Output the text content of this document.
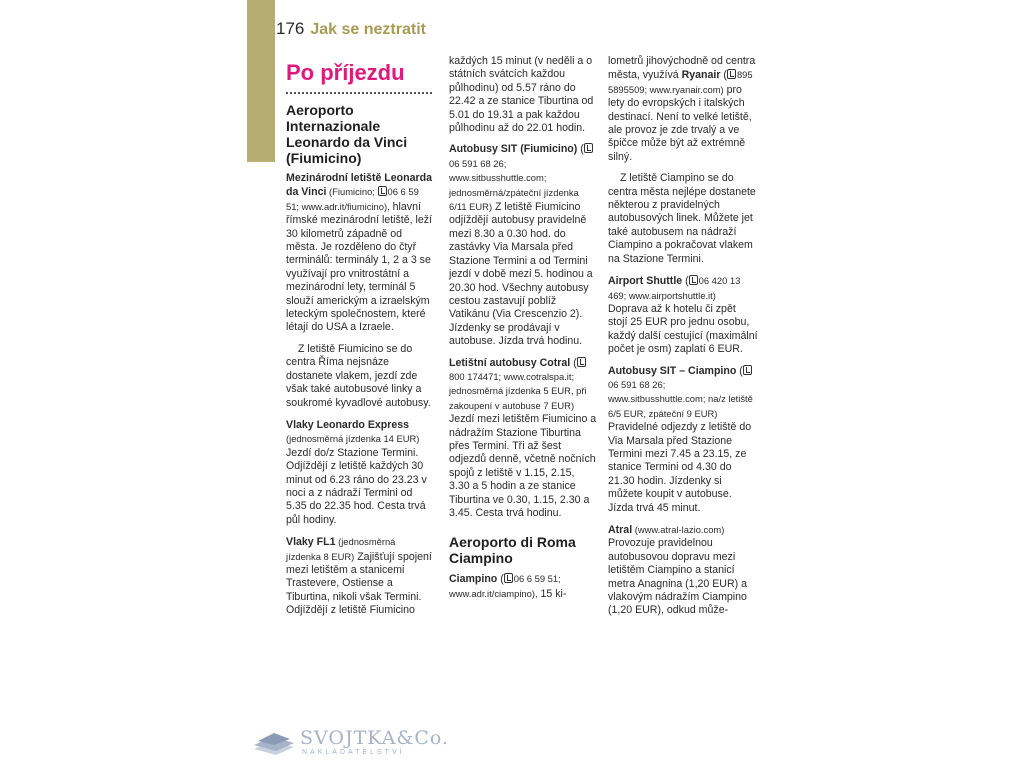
176 Jak se neztratit
Po příjezdu
Aeroporto Internazionale Leonardo da Vinci (Fiumicino)

Mezinárodní letiště Leonarda da Vinci (Fiumicino; 06 6 59 51; www.adr.it/fiumicino), hlavní římské mezinárodní letiště, leží 30 kilometrů západně od města. Je rozděleno do čtyř terminálů: terminály 1, 2 a 3 se využívají pro vnitrostátní a mezinárodní lety, terminál 5 slouží americkým a izraelským leteckým společnostem, které létají do USA a Izraele.

Z letiště Fiumicino se do centra Říma nejsnáze dostanete vlakem, jezdí zde však také autobusové linky a soukromé kyvadlové autobusy.

Vlaky Leonardo Express (jednosměrná jízdenka 14 EUR) Jezdí do/z Stazione Termini. Odjíždějí z letiště každých 30 minut od 6.23 ráno do 23.23 v noci a z nádraží Termini od 5.35 do 22.35 hod. Cesta trvá půl hodiny.

Vlaky FL1 (jednosměrná jízdenka 8 EUR) Zajišťují spojení mezi letištěm a stanicemi Trastevere, Ostiense a Tiburtina, nikoli však Termini. Odjíždějí z letiště Fiumicino

každých 15 minut (v neděli a o státních svátcích každou půlhodinu) od 5.57 ráno do 22.42 a ze stanice Tiburtina od 5.01 do 19.31 a pak každou půlhodinu až do 22.01 hodin.

Autobusy SIT (Fiumicino) (06 591 68 26; www.sitbusshuttle.com; jednosměrná/zpáteční jízdenka 6/11 EUR) Z letiště Fiumicino odjíždějí autobusy pravidelně mezi 8.30 a 0.30 hod. do zastávky Via Marsala před Stazione Termini a od Termini jezdí v době mezi 5. hodinou a 20.30 hod. Všechny autobusy cestou zastavují poblíž Vatikánu (Via Crescenzio 2). Jízdenky se prodávají v autobuse. Jízda trvá hodinu.

Letištní autobusy Cotral (800 174471; www.cotralspa.it; jednosměrná jízdenka 5 EUR, při zakoupení v autobuse 7 EUR) Jezdí mezi letištěm Fiumicino a nádražím Stazione Tiburtina přes Termini. Tři až šest odjezdů denně, včetně nočních spojů z letiště v 1.15, 2.15, 3.30 a 5 hodin a ze stanice Tiburtina ve 0.30, 1.15, 2.30 a 3.45. Cesta trvá hodinu.

Aeroporto di Roma Ciampino

Ciampino ( 06 6 59 51; www.adr.it/ciampino), 15 ki-

lometrů jihovýchodně od centra města, využívá Ryanair ( 895 5895509; www.ryanair.com) pro lety do evropských i italských destinací. Není to velké letiště, ale provoz je zde trvalý a ve špičce může být až extrémně silný.

Z letiště Ciampino se do centra města nejlépe dostanete některou z pravidelných autobusových linek. Můžete jet také autobusem na nádraží Ciampino a pokračovat vlakem na Stazione Termini.

Airport Shuttle ( 06 420 13 469; www.airportshuttle.it) Doprava až k hotelu či zpět stojí 25 EUR pro jednu osobu, každý další cestující (maximální počet je osm) zaplatí 6 EUR.

Autobusy SIT – Ciampino (06 591 68 26; www.sitbusshuttle.com; na/z letiště 6/5 EUR, zpáteční 9 EUR) Pravidelné odjezdy z letiště do Via Marsala před Stazione Termini mezi 7.45 a 23.15, ze stanice Termini od 4.30 do 21.30 hodin. Jízdenky si můžete koupit v autobuse. Jízda trvá 45 minut.

Atral (www.atral-lazio.com) Provozuje pravidelnou autobusovou dopravu mezi letištěm Ciampino a stanicí metra Anagnina (1,20 EUR) a vlakovým nádražím Ciampino (1,20 EUR), odkud může-

SVOJTKA&Co.
NAKLADATELSTVÍ
